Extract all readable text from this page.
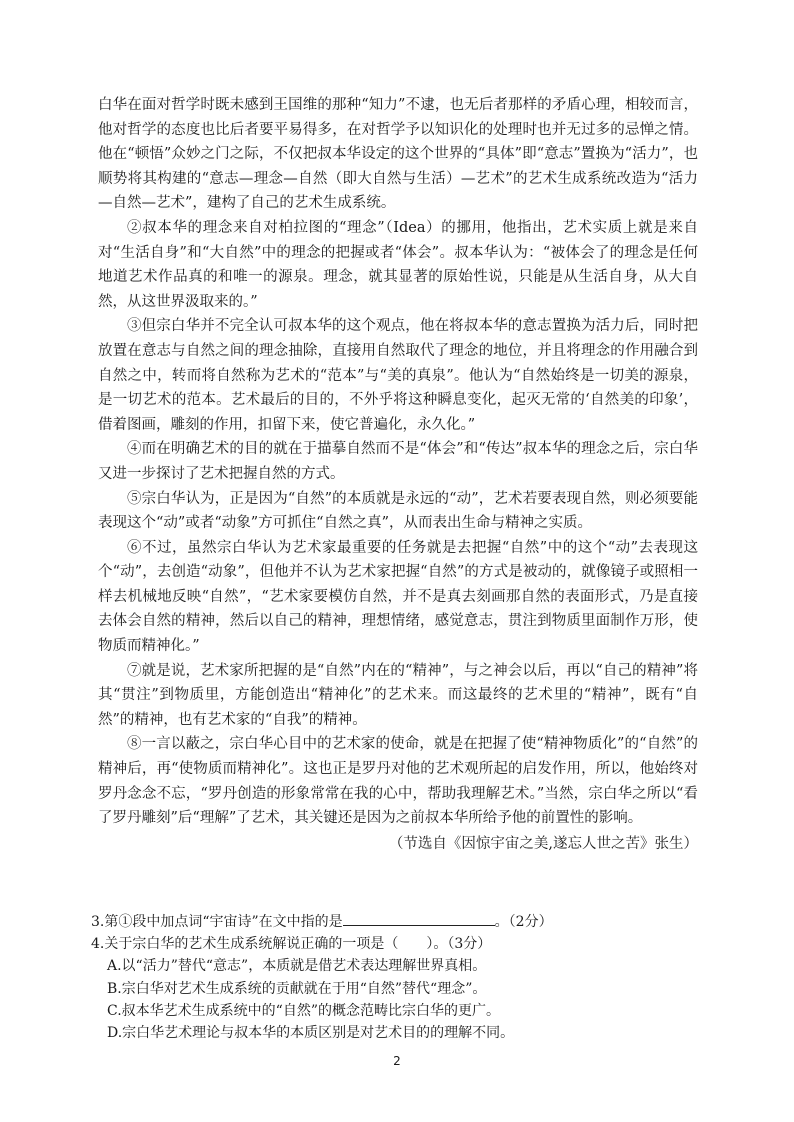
白华在面对哲学时既未感到王国维的那种“知力”不逮，也无后者那样的矛盾心理，相较而言，他对哲学的态度也比后者要平易得多，在对哲学予以知识化的处理时也并无过多的忌惮之情。他在“顿悟”众妙之门之际，不仅把叔本华设定的这个世界的“具体”即“意志”置换为“活力”，也顺势将其构建的“意志—理念—自然（即大自然与生活）—艺术”的艺术生成系统改造为“活力—自然—艺术”，建构了自己的艺术生成系统。

②叔本华的理念来自对柏拉图的“理念”（Idea）的挪用，他指出，艺术实质上就是来自对“生活自身”和“大自然”中的理念的把握或者“体会”。叔本华认为：“被体会了的理念是任何地道艺术作品真的和唯一的源泉。理念，就其显著的原始性说，只能是从生活自身，从大自然，从这世界汲取来的。”

③但宗白华并不完全认可叔本华的这个观点，他在将叔本华的意志置换为活力后，同时把放置在意志与自然之间的理念抽除，直接用自然取代了理念的地位，并且将理念的作用融合到自然之中，转而将自然称为艺术的“范本”与“美的真泉”。他认为“自然始终是一切美的源泉，是一切艺术的范本。艺术最后的目的，不外乎将这种瞬息变化，起灭无常的‘自然美的印象’，借着图画，雕刻的作用，扣留下来，使它普遍化，永久化。”

④而在明确艺术的目的就在于描摹自然而不是“体会”和“传达”叔本华的理念之后，宗白华又进一步探讨了艺术把握自然的方式。

⑤宗白华认为，正是因为“自然”的本质就是永远的“动”，艺术若要表现自然，则必须要能表现这个“动”或者“动象”方可抓住“自然之真”，从而表出生命与精神之实质。

⑥不过，虽然宗白华认为艺术家最重要的任务就是去把握“自然”中的这个“动”去表现这个“动”，去创造“动象”，但他并不认为艺术家把握“自然”的方式是被动的，就像镜子或照相一样去机械地反映“自然”，“艺术家要模仿自然，并不是真去刻画那自然的表面形式，乃是直接去体会自然的精神，然后以自己的精神，理想情绪，感觉意志，贯注到物质里面制作万形，使物质而精神化。”

⑦就是说，艺术家所把握的是“自然”内在的“精神”，与之神会以后，再以“自己的精神”将其“贯注”到物质里，方能创造出“精神化”的艺术来。而这最终的艺术里的“精神”，既有“自然”的精神，也有艺术家的“自我”的精神。

⑧一言以蔽之，宗白华心目中的艺术家的使命，就是在把握了使“精神物质化”的“自然”的精神后，再“使物质而精神化”。这也正是罗丹对他的艺术观所起的启发作用，所以，他始终对罗丹念念不忘，“罗丹创造的形象常常在我的心中，帮助我理解艺术。”当然，宗白华之所以“看了罗丹雕刻”后“理解”了艺术，其关键还是因为之前叔本华所给予他的前置性的影响。

（节选自《因惊宇宙之美,遂忘人世之苦》张生）

3.第①段中加点词“宇宙诗”在文中指的是	。（2分）

4.关于宗白华的艺术生成系统解说正确的一项是（　　）。（3分）

A.以“活力”替代“意志”，本质就是借艺术表达理解世界真相。

B.宗白华对艺术生成系统的贡献就在于用“自然”替代“理念”。

C.叔本华艺术生成系统中的“自然”的概念范畴比宗白华的更广。

D.宗白华艺术理论与叔本华的本质区别是对艺术目的的理解不同。

2
